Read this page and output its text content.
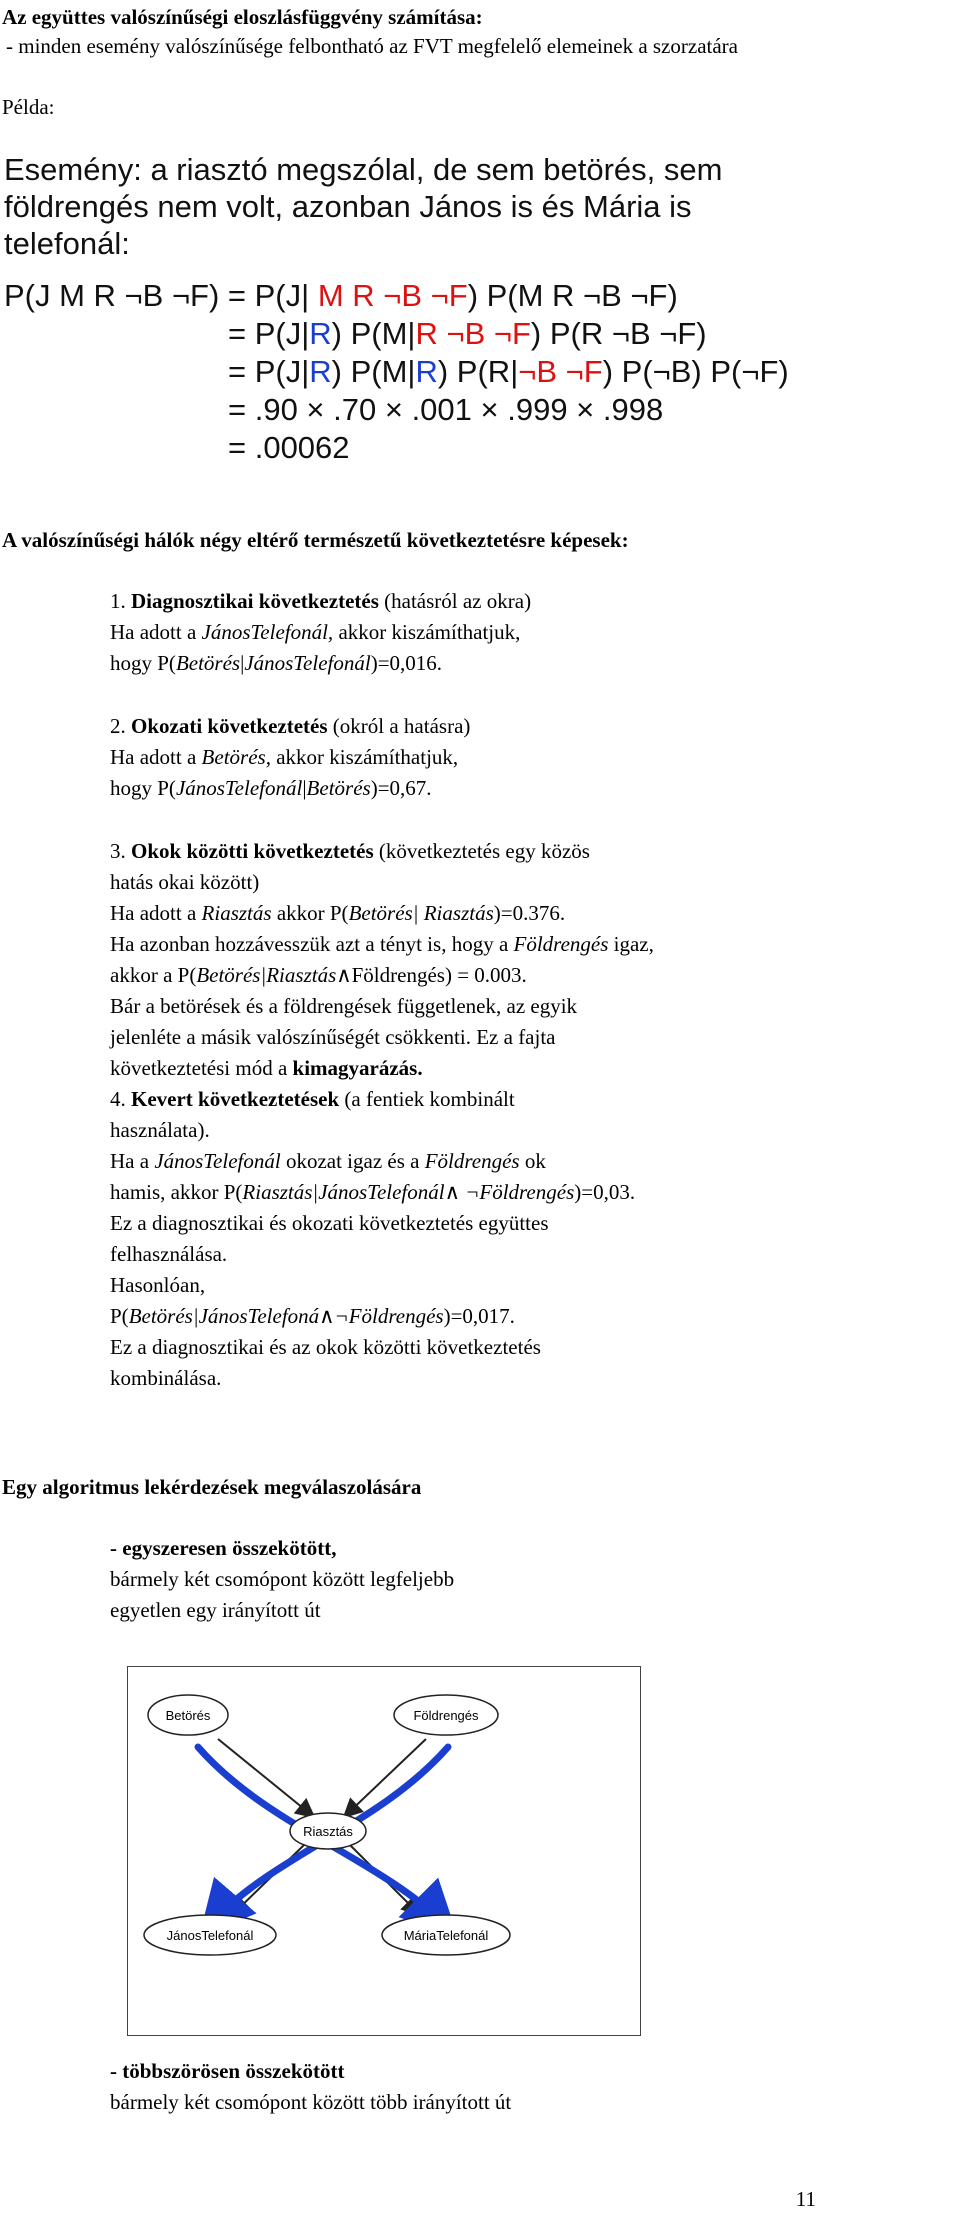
Az együttes valószínűségi eloszlásfüggvény számítása:
- minden esemény valószínűsége felbontható az FVT megfelelő elemeinek a szorzatára
Példa:
Esemény: a riasztó megszólal, de sem betörés, sem
földrengés nem volt, azonban János is és Mária is
telefonál:
P(J M R ¬B ¬F) = P(J| M R ¬B ¬F) P(M R ¬B ¬F)
= P(J|R) P(M|R ¬B ¬F) P(R ¬B ¬F)
= P(J|R) P(M|R) P(R|¬B ¬F) P(¬B) P(¬F)
= .90 × .70 × .001 × .999 × .998
= .00062
A valószínűségi hálók négy eltérő természetű következtetésre képesek:
1. Diagnosztikai következtetés (hatásról az okra)
Ha adott a JánosTelefonál, akkor kiszámíthatjuk,
hogy P(Betörés|JánosTelefonál)=0,016.
2. Okozati következtetés (okról a hatásra)
Ha adott a Betörés, akkor kiszámíthatjuk,
hogy P(JánosTelefonál|Betörés)=0,67.
3. Okok közötti következtetés (következtetés egy közös
hatás okai között)
Ha adott a Riasztás akkor P(Betörés| Riasztás)=0.376.
Ha azonban hozzávesszük azt a tényt is, hogy a Földrengés igaz,
akkor a P(Betörés|Riasztás∧Földrengés) = 0.003.
Bár a betörések és a földrengések függetlenek, az egyik
jelenléte a másik valószínűségét csökkenti. Ez a fajta
következtetési mód a kimagyarázás.
4. Kevert következtetések (a fentiek kombinált
használata).
Ha a JánosTelefonál okozat igaz és a Földrengés ok
hamis, akkor P(Riasztás|JánosTelefonál∧ ¬Földrengés)=0,03.
Ez a diagnosztikai és okozati következtetés együttes
felhasználása.
Hasonlóan,
P(Betörés|JánosTelefoná∧¬Földrengés)=0,017.
Ez a diagnosztikai és az okok közötti következtetés
kombinálása.
Egy algoritmus lekérdezések megválaszolására
- egyszeresen összekötött,
bármely két csomópont között legfeljebb
egyetlen egy irányított út
Betörés	Földrengés
Riasztás
JánosTelefonál	MáriaTelefonál
- többszörösen összekötött
bármely két csomópont között több irányított út
11
